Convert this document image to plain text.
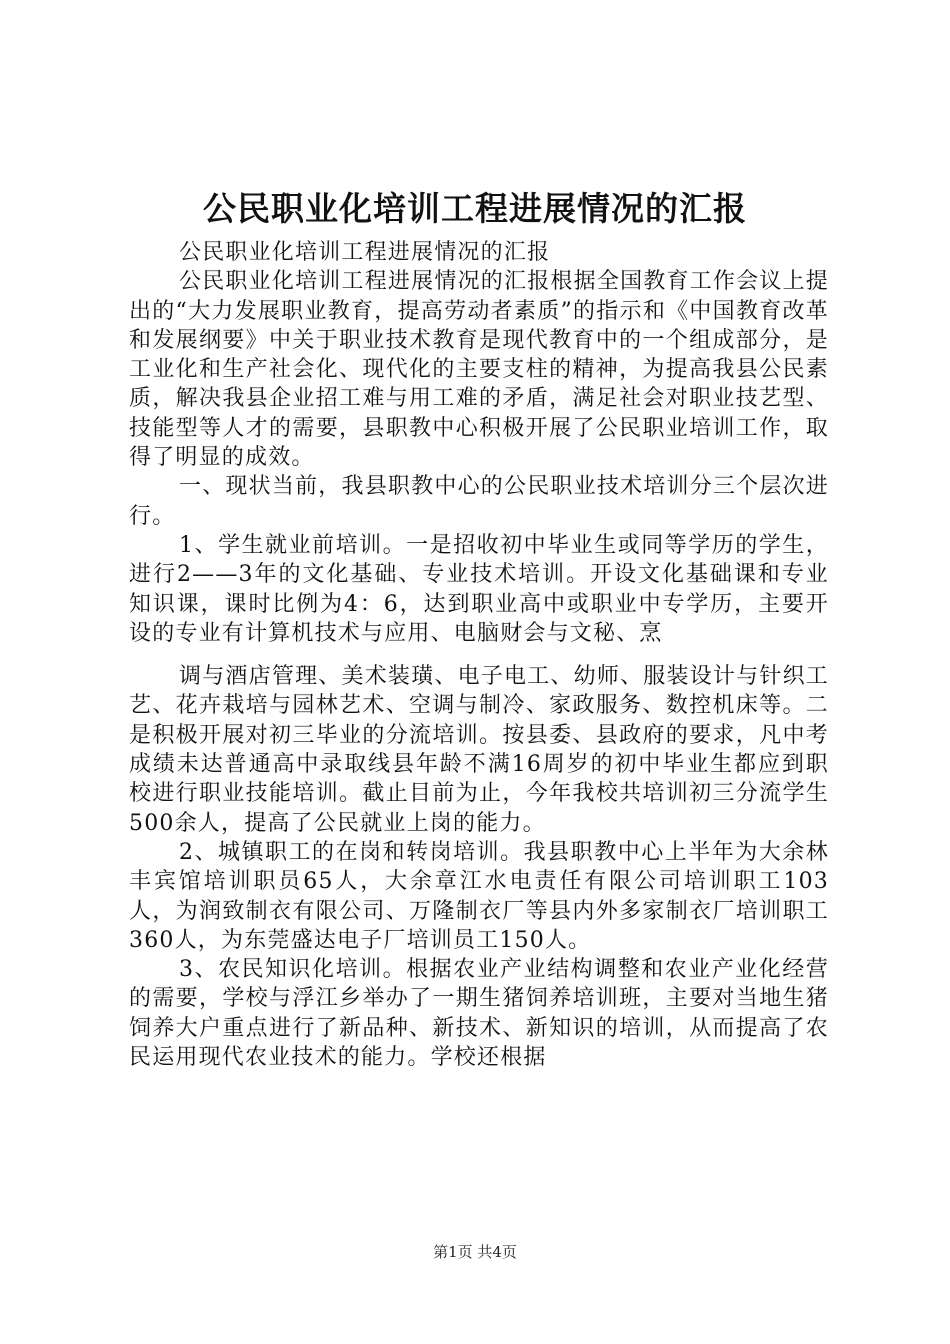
公民职业化培训工程进展情况的汇报

公民职业化培训工程进展情况的汇报

公民职业化培训工程进展情况的汇报根据全国教育工作会议上提出的“大力发展职业教育，提高劳动者素质”的指示和《中国教育改革和发展纲要》中关于职业技术教育是现代教育中的一个组成部分，是工业化和生产社会化、现代化的主要支柱的精神，为提高我县公民素质，解决我县企业招工难与用工难的矛盾，满足社会对职业技艺型、技能型等人才的需要，县职教中心积极开展了公民职业培训工作，取得了明显的成效。

一、现状当前，我县职教中心的公民职业技术培训分三个层次进行。

1、学生就业前培训。一是招收初中毕业生或同等学历的学生，进行2——3年的文化基础、专业技术培训。开设文化基础课和专业知识课，课时比例为4：6，达到职业高中或职业中专学历，主要开设的专业有计算机技术与应用、电脑财会与文秘、烹

调与酒店管理、美术装璜、电子电工、幼师、服装设计与针织工艺、花卉栽培与园林艺术、空调与制冷、家政服务、数控机床等。二是积极开展对初三毕业的分流培训。按县委、县政府的要求，凡中考成绩未达普通高中录取线县年龄不满16周岁的初中毕业生都应到职校进行职业技能培训。截止目前为止，今年我校共培训初三分流学生500余人，提高了公民就业上岗的能力。

2、城镇职工的在岗和转岗培训。我县职教中心上半年为大余林丰宾馆培训职员65人，大余章江水电责任有限公司培训职工103人，为润致制衣有限公司、万隆制衣厂等县内外多家制衣厂培训职工360人，为东莞盛达电子厂培训员工150人。

3、农民知识化培训。根据农业产业结构调整和农业产业化经营的需要，学校与浮江乡举办了一期生猪饲养培训班，主要对当地生猪饲养大户重点进行了新品种、新技术、新知识的培训，从而提高了农民运用现代农业技术的能力。学校还根据

第1页 共4页
